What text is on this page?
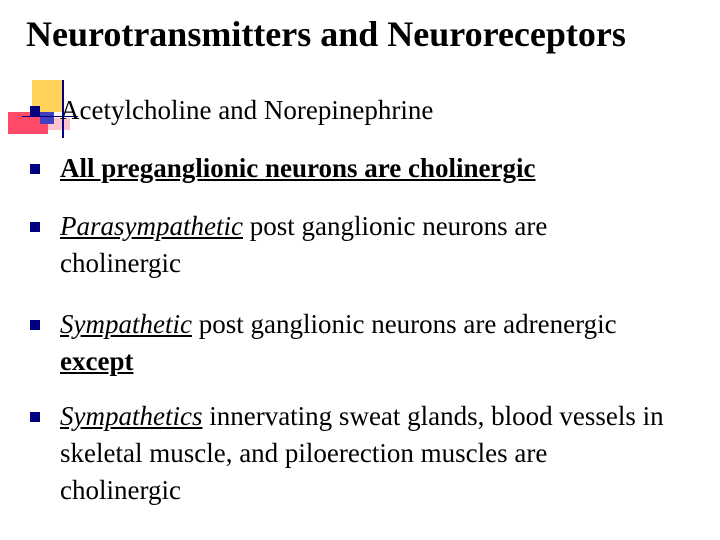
Neurotransmitters and Neuroreceptors
Acetylcholine and Norepinephrine
All preganglionic neurons are cholinergic
Parasympathetic post ganglionic neurons are cholinergic
Sympathetic post ganglionic neurons are adrenergic except
Sympathetics innervating sweat glands, blood vessels in skeletal muscle, and piloerection muscles are cholinergic
